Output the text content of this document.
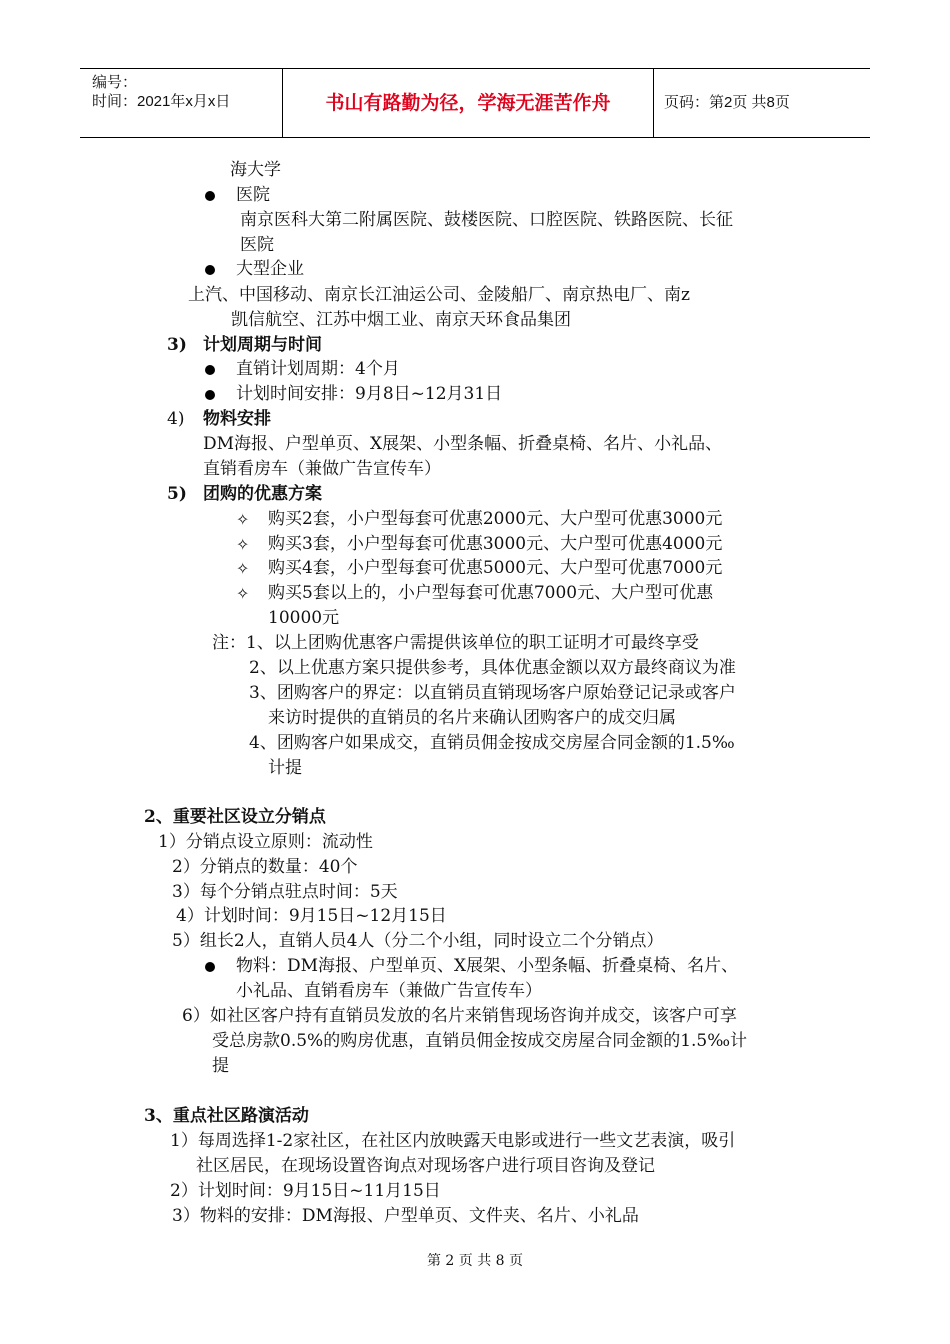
编号：
时间：2021年x月x日	书山有路勤为径，学海无涯苦作舟	页码：第2页 共8页
海大学
医院
南京医科大第二附属医院、鼓楼医院、口腔医院、铁路医院、长征
医院
大型企业
上汽、中国移动、南京长江油运公司、金陵船厂、南京热电厂、南z
凯信航空、江苏中烟工业、南京天环食品集团
3) 计划周期与时间
直销计划周期：4个月
计划时间安排：9月8日~12月31日
4) 物料安排
DM海报、户型单页、X展架、小型条幅、折叠桌椅、名片、小礼品、
直销看房车（兼做广告宣传车）
5) 团购的优惠方案
✧ 购买2套，小户型每套可优惠2000元、大户型可优惠3000元
✧ 购买3套，小户型每套可优惠3000元、大户型可优惠4000元
✧ 购买4套，小户型每套可优惠5000元、大户型可优惠7000元
✧ 购买5套以上的，小户型每套可优惠7000元、大户型可优惠
10000元
注：1、以上团购优惠客户需提供该单位的职工证明才可最终享受
2、以上优惠方案只提供参考，具体优惠金额以双方最终商议为准
3、团购客户的界定：以直销员直销现场客户原始登记记录或客户
来访时提供的直销员的名片来确认团购客户的成交归属
4、团购客户如果成交，直销员佣金按成交房屋合同金额的1.5‰
计提
2、重要社区设立分销点
1）分销点设立原则：流动性
2）分销点的数量：40个
3）每个分销点驻点时间：5天
4）计划时间：9月15日~12月15日
5）组长2人，直销人员4人（分二个小组，同时设立二个分销点）
物料：DM海报、户型单页、X展架、小型条幅、折叠桌椅、名片、
小礼品、直销看房车（兼做广告宣传车）
6）如社区客户持有直销员发放的名片来销售现场咨询并成交，该客户可享
受总房款0.5%的购房优惠，直销员佣金按成交房屋合同金额的1.5‰计
提
3、重点社区路演活动
1）每周选择1-2家社区，在社区内放映露天电影或进行一些文艺表演，吸引
社区居民，在现场设置咨询点对现场客户进行项目咨询及登记
2）计划时间：9月15日~11月15日
3）物料的安排：DM海报、户型单页、文件夹、名片、小礼品
第 2 页 共 8 页
